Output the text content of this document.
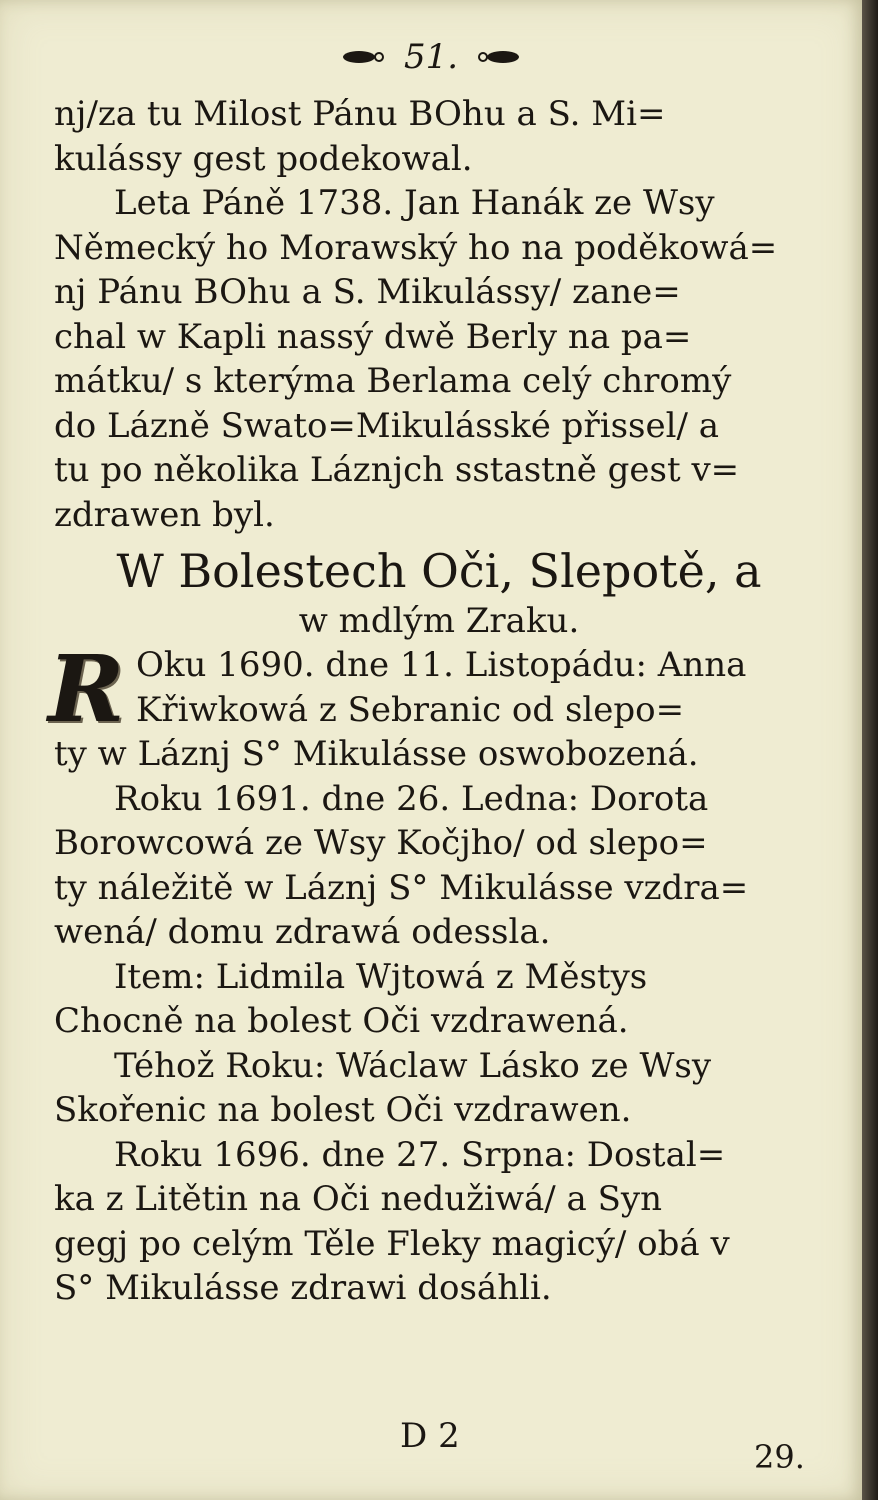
51.
nj/za tu Milost Pánu BOhu a S. Mi=
kulássy gest podekowal.
Leta Páně 1738. Jan Hanák ze Wsy
Německý ho Morawský ho na poděkowá=
nj Pánu BOhu a S. Mikulássy/ zane=
chal w Kapli nassý dwě Berly na pa=
mátku/ s kterýma Berlama celý chromý
do Lázně Swato=Mikulásské přissel/ a
tu po několika Láznjch sstastně gest v=
zdrawen byl.
W Bolestech Oči, Slepotě, a
w mdlým Zraku.
R Oku 1690. dne 11. Listopádu: Anna
Křiwkowá z Sebranic od slepo=
ty w Láznj S° Mikulásse oswobozená.
Roku 1691. dne 26. Ledna: Dorota
Borowcowá ze Wsy Kočjho/ od slepo=
ty náležitě w Láznj S° Mikulásse vzdra=
wená/ domu zdrawá odessla.
Item: Lidmila Wjtowá z Městys
Chocně na bolest Oči vzdrawená.
Téhož Roku: Wáclaw Lásko ze Wsy
Skořenic na bolest Oči vzdrawen.
Roku 1696. dne 27. Srpna: Dostal=
ka z Litětin na Oči nedužiwá/ a Syn
gegj po celým Těle Fleky magicý/ obá v
S° Mikulásse zdrawi dosáhli.
D 2
29.
